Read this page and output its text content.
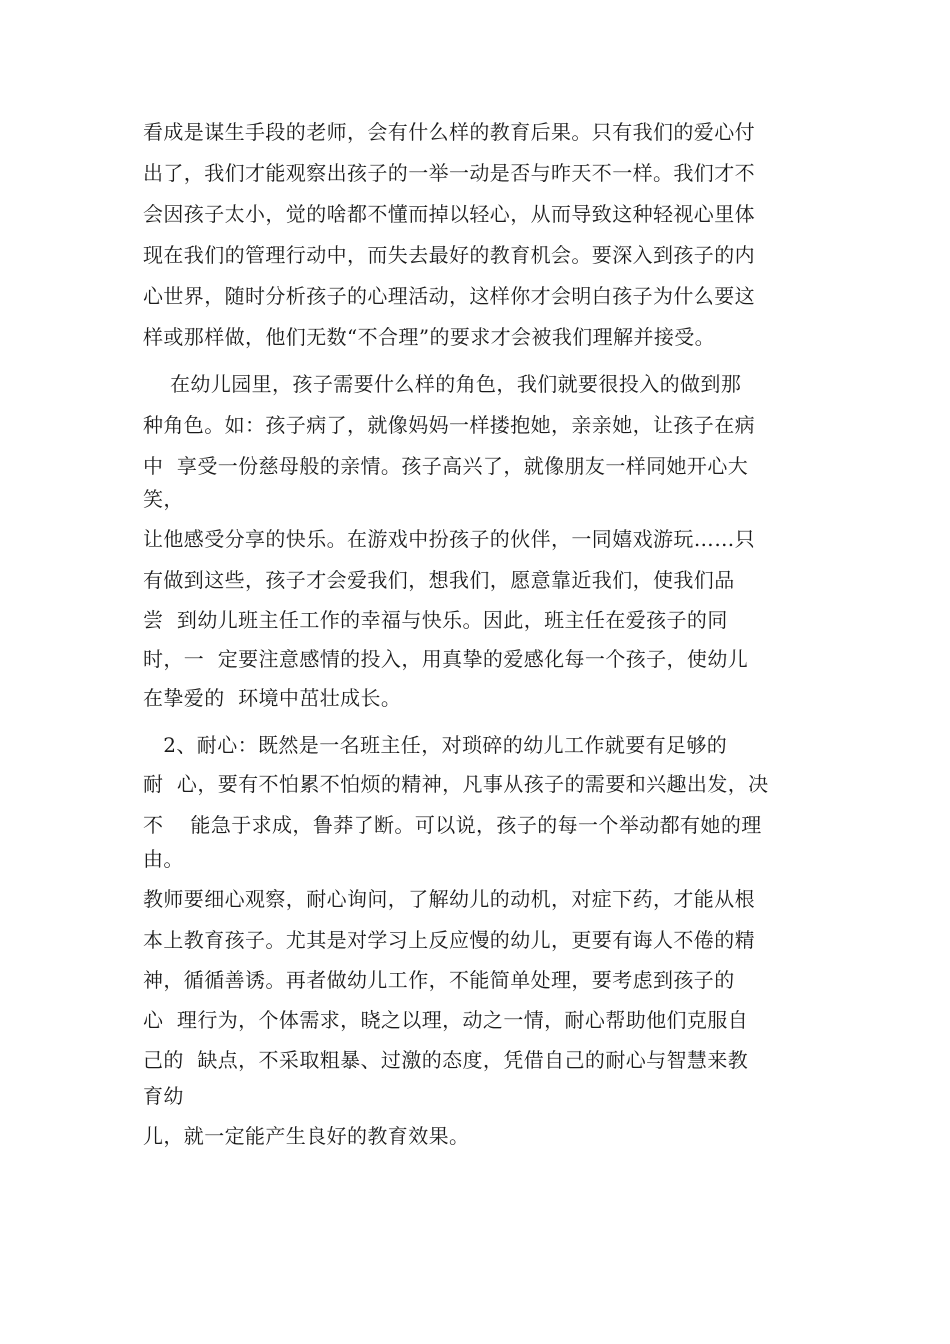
看成是谋生手段的老师，会有什么样的教育后果。只有我们的爱心付
出了，我们才能观察出孩子的一举一动是否与昨天不一样。我们才不
会因孩子太小，觉的啥都不懂而掉以轻心，从而导致这种轻视心里体
现在我们的管理行动中，而失去最好的教育机会。要深入到孩子的内
心世界，随时分析孩子的心理活动，这样你才会明白孩子为什么要这
样或那样做，他们无数“不合理”的要求才会被我们理解并接受。
在幼儿园里，孩子需要什么样的角色，我们就要很投入的做到那
种角色。如：孩子病了，就像妈妈一样搂抱她，亲亲她，让孩子在病
中  享受一份慈母般的亲情。孩子高兴了，就像朋友一样同她开心大
笑，
让他感受分享的快乐。在游戏中扮孩子的伙伴，一同嬉戏游玩……只
有做到这些，孩子才会爱我们，想我们，愿意靠近我们，使我们品
尝  到幼儿班主任工作的幸福与快乐。因此，班主任在爱孩子的同
时，一  定要注意感情的投入，用真挚的爱感化每一个孩子，使幼儿
在挚爱的  环境中茁壮成长。
2、耐心：既然是一名班主任，对琐碎的幼儿工作就要有足够的
耐  心，要有不怕累不怕烦的精神，凡事从孩子的需要和兴趣出发，决
不    能急于求成，鲁莽了断。可以说，孩子的每一个举动都有她的理
由。
教师要细心观察，耐心询问，了解幼儿的动机，对症下药，才能从根
本上教育孩子。尤其是对学习上反应慢的幼儿，更要有诲人不倦的精
神，循循善诱。再者做幼儿工作，不能简单处理，要考虑到孩子的
心  理行为，个体需求，晓之以理，动之一情，耐心帮助他们克服自
己的  缺点，不采取粗暴、过激的态度，凭借自己的耐心与智慧来教
育幼
儿，就一定能产生良好的教育效果。
